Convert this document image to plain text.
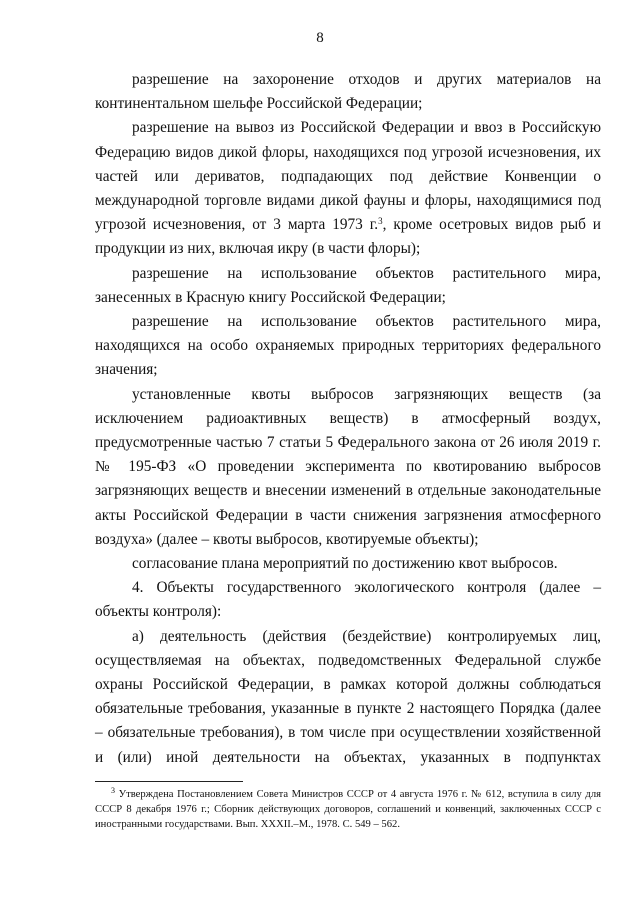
8

разрешение на захоронение отходов и других материалов на континентальном шельфе Российской Федерации;

разрешение на вывоз из Российской Федерации и ввоз в Российскую Федерацию видов дикой флоры, находящихся под угрозой исчезновения, их частей или дериватов, подпадающих под действие Конвенции о международной торговле видами дикой фауны и флоры, находящимися под угрозой исчезновения, от 3 марта 1973 г.$^3$, кроме осетровых видов рыб и продукции из них, включая икру (в части флоры);

разрешение на использование объектов растительного мира, занесенных в Красную книгу Российской Федерации;

разрешение на использование объектов растительного мира, находящихся на особо охраняемых природных территориях федерального значения;

установленные квоты выбросов загрязняющих веществ (за исключением радиоактивных веществ) в атмосферный воздух, предусмотренные частью 7 статьи 5 Федерального закона от 26 июля 2019 г. № 195-ФЗ «О проведении эксперимента по квотированию выбросов загрязняющих веществ и внесении изменений в отдельные законодательные акты Российской Федерации в части снижения загрязнения атмосферного воздуха» (далее – квоты выбросов, квотируемые объекты);

согласование плана мероприятий по достижению квот выбросов.

4. Объекты государственного экологического контроля (далее – объекты контроля):

а) деятельность (действия (бездействие) контролируемых лиц, осуществляемая на объектах, подведомственных Федеральной службе охраны Российской Федерации, в рамках которой должны соблюдаться обязательные требования, указанные в пункте 2 настоящего Порядка (далее – обязательные требования), в том числе при осуществлении хозяйственной и (или) иной деятельности на объектах, указанных в подпунктах

$^3$ Утверждена Постановлением Совета Министров СССР от 4 августа 1976 г. № 612, вступила в силу для СССР 8 декабря 1976 г.; Сборник действующих договоров, соглашений и конвенций, заключенных СССР с иностранными государствами. Вып. XXXII.–М., 1978. С. 549 – 562.
